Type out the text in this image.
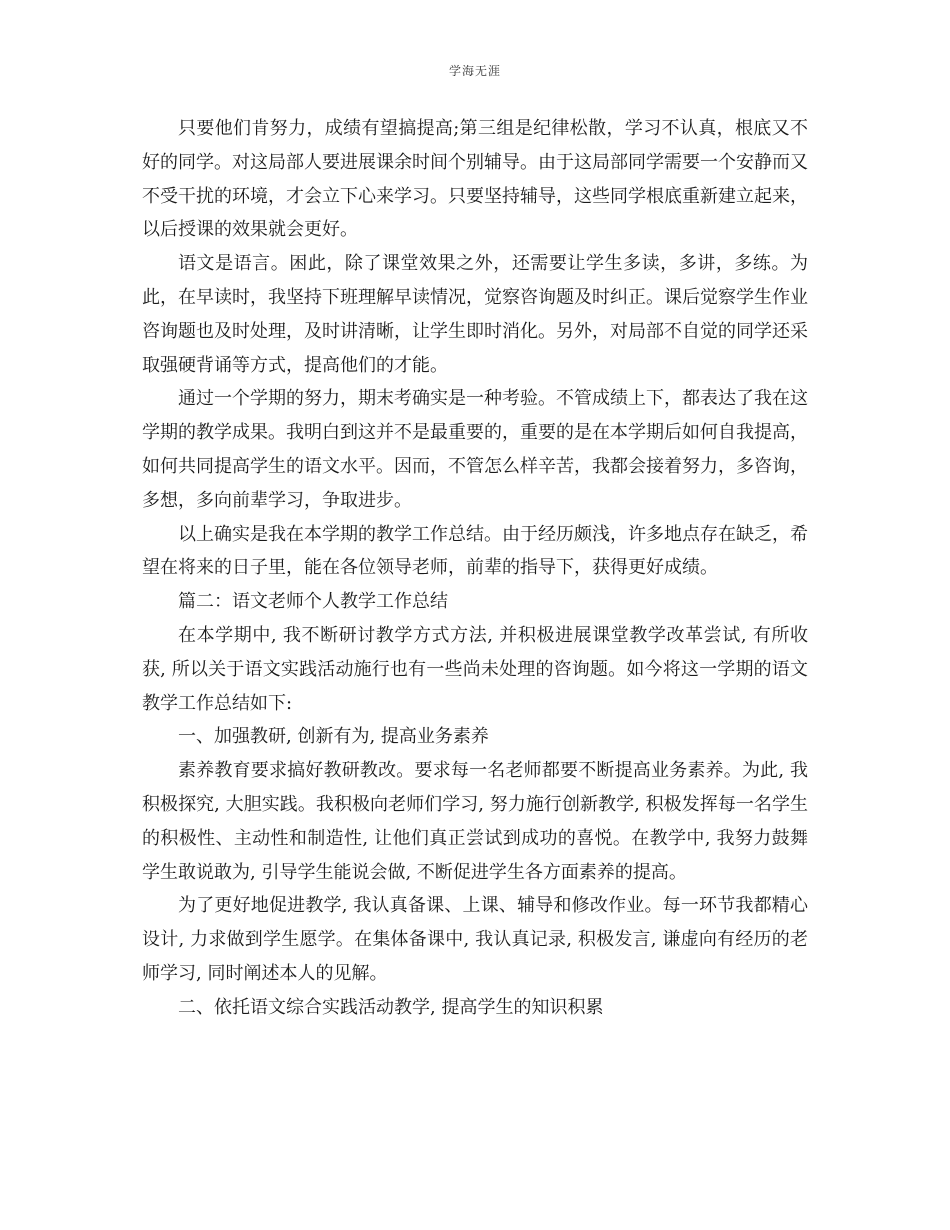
学海无涯

只要他们肯努力，成绩有望搞提高;第三组是纪律松散，学习不认真，根底又不好的同学。对这局部人要进展课余时间个别辅导。由于这局部同学需要一个安静而又不受干扰的环境，才会立下心来学习。只要坚持辅导，这些同学根底重新建立起来，以后授课的效果就会更好。

语文是语言。困此，除了课堂效果之外，还需要让学生多读，多讲，多练。为此，在早读时，我坚持下班理解早读情况，觉察咨询题及时纠正。课后觉察学生作业咨询题也及时处理，及时讲清晰，让学生即时消化。另外，对局部不自觉的同学还采取强硬背诵等方式，提高他们的才能。

通过一个学期的努力，期末考确实是一种考验。不管成绩上下，都表达了我在这学期的教学成果。我明白到这并不是最重要的，重要的是在本学期后如何自我提高，如何共同提高学生的语文水平。因而，不管怎么样辛苦，我都会接着努力，多咨询，多想，多向前辈学习，争取进步。

以上确实是我在本学期的教学工作总结。由于经历颇浅，许多地点存在缺乏，希望在将来的日子里，能在各位领导老师，前辈的指导下，获得更好成绩。

篇二：语文老师个人教学工作总结

在本学期中, 我不断研讨教学方式方法, 并积极进展课堂教学改革尝试, 有所收获, 所以关于语文实践活动施行也有一些尚未处理的咨询题。如今将这一学期的语文教学工作总结如下:

一、加强教研, 创新有为, 提高业务素养

素养教育要求搞好教研教改。要求每一名老师都要不断提高业务素养。为此, 我积极探究, 大胆实践。我积极向老师们学习, 努力施行创新教学, 积极发挥每一名学生的积极性、主动性和制造性, 让他们真正尝试到成功的喜悦。在教学中, 我努力鼓舞学生敢说敢为, 引导学生能说会做, 不断促进学生各方面素养的提高。

为了更好地促进教学, 我认真备课、上课、辅导和修改作业。每一环节我都精心设计, 力求做到学生愿学。在集体备课中, 我认真记录, 积极发言, 谦虚向有经历的老师学习, 同时阐述本人的见解。

二、依托语文综合实践活动教学, 提高学生的知识积累
